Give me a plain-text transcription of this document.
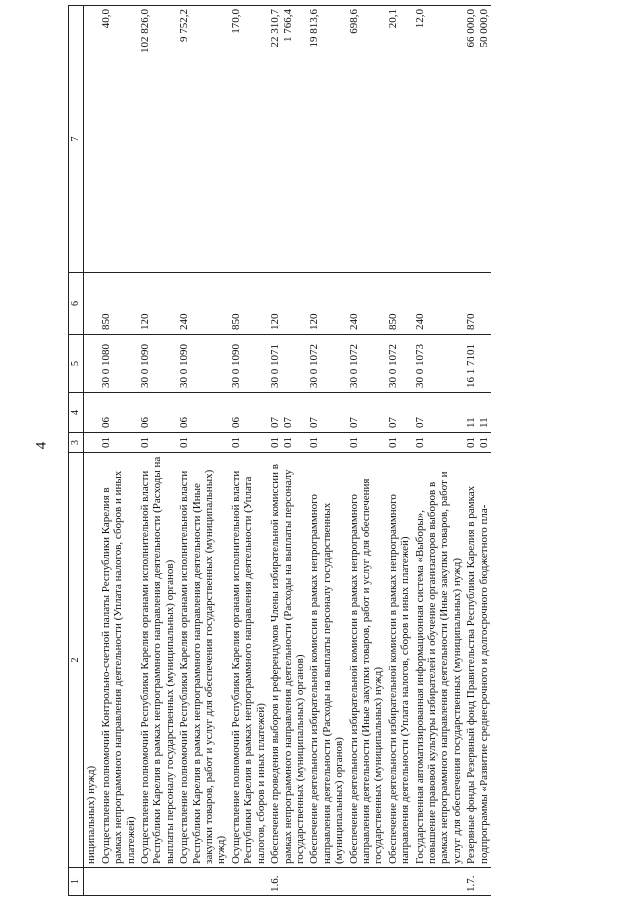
4
1	2	3	4	5	6	7
	ниципальных) нужд)	

	Осуществление полномочий Контрольно-счетной палаты Республики Карелия в рамках непрограммного направления деятельности (Уплата налогов, сборов и иных платежей)	01	06	30 0 1080	850	40,0

	Осуществление полномочий Республики Карелия органами исполнительной власти Республики Карелия в рамках непрограммного направления деятельности (Расходы на выплаты персоналу государственных (муниципальных) органов)	01	06	30 0 1090	120	102 826,0

	Осуществление полномочий Республики Карелия органами исполнительной власти Республики Карелия в рамках непрограммного направления деятельности (Иные закупки товаров, работ и услуг для обеспечения государственных (муниципальных) нужд)	01	06	30 0 1090	240	9 752,2

	Осуществление полномочий Республики Карелия органами исполнительной власти Республики Карелия в рамках непрограммного направления деятельности (Уплата налогов, сборов и иных платежей)	01	06	30 0 1090	850	170,0

1.6.	Обеспечение проведения выборов и референдумов Члены избирательной комиссии в рамках непрограммного направления деятельности (Расходы на выплаты персоналу государственных (муниципальных) органов)	01 01	07 07	30 0 1071	120	22 310,7 1 766,4

	Обеспечение деятельности избирательной комиссии в рамках непрограммного направления деятельности (Расходы на выплаты персоналу государственных (муниципальных) органов)	01	07	30 0 1072	120	19 813,6

	Обеспечение деятельности избирательной комиссии в рамках непрограммного направления деятельности (Иные закупки товаров, работ и услуг для обеспечения государственных (муниципальных) нужд)	01	07	30 0 1072	240	698,6

	Обеспечение деятельности избирательной комиссии в рамках непрограммного направления деятельности (Уплата налогов, сборов и иных платежей)	01	07	30 0 1072	850	20,1

	Государственная автоматизированная информационная система «Выборы», повышение правовой культуры избирателей и обучение организаторов выборов в рамках непрограммного направления деятельности (Иные закупки товаров, работ и услуг для обеспечения государственных (муниципальных) нужд)	01	07	30 0 1073	240	12,0

1.7.	Резервные фонды Резервный фонд Правительства Республики Карелия в рамках подпрограммы «Развитие среднесрочного и долгосрочного бюджетного пла-	01 01	11 11	16 1 7101	870	66 000,0 50 000,0
